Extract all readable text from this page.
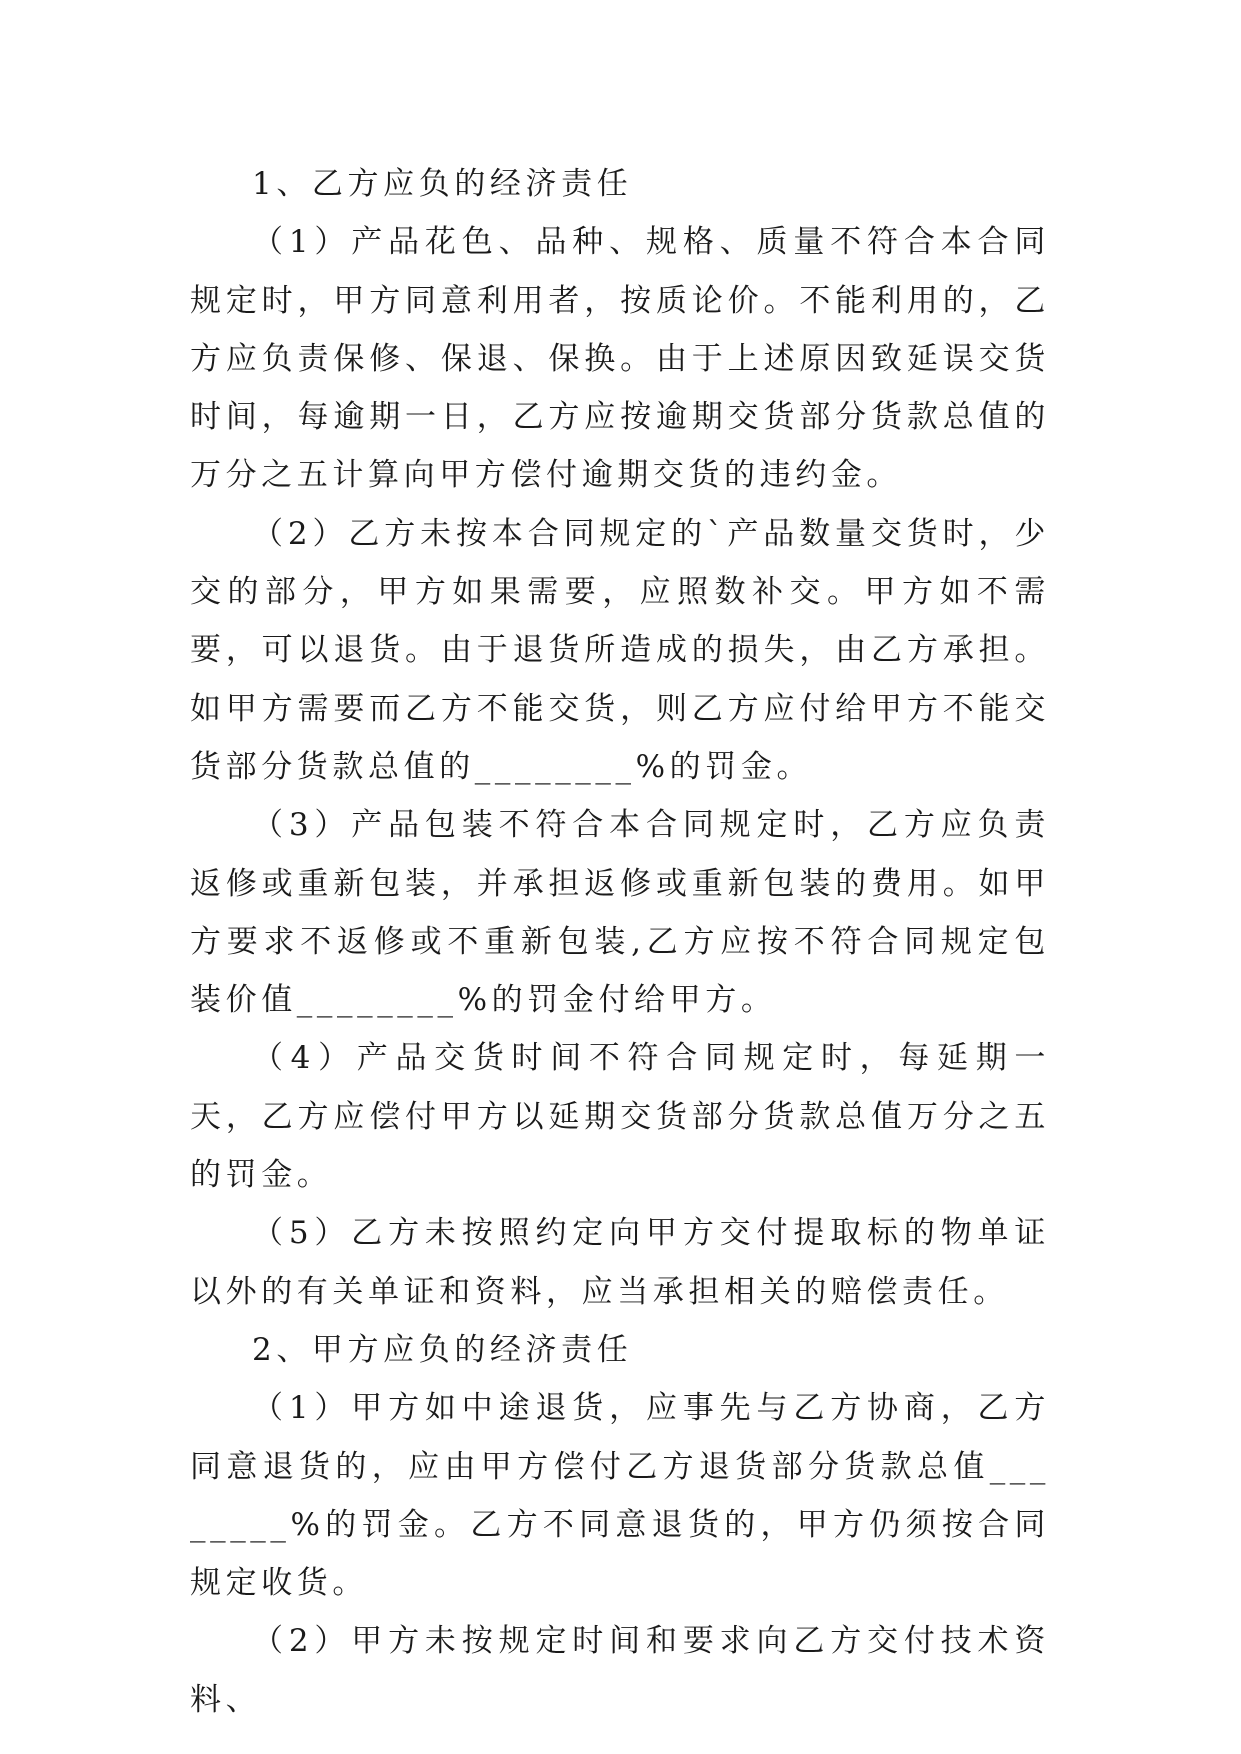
1、乙方应负的经济责任

（1）产品花色、品种、规格、质量不符合本合同规定时，甲方同意利用者，按质论价。不能利用的，乙方应负责保修、保退、保换。由于上述原因致延误交货时间，每逾期一日，乙方应按逾期交货部分货款总值的万分之五计算向甲方偿付逾期交货的违约金。

（2）乙方未按本合同规定的`产品数量交货时，少交的部分，甲方如果需要，应照数补交。甲方如不需要，可以退货。由于退货所造成的损失，由乙方承担。如甲方需要而乙方不能交货，则乙方应付给甲方不能交货部分货款总值的________%的罚金。

（3）产品包装不符合本合同规定时，乙方应负责返修或重新包装，并承担返修或重新包装的费用。如甲方要求不返修或不重新包装,乙方应按不符合同规定包装价值________%的罚金付给甲方。

（4）产品交货时间不符合同规定时，每延期一天，乙方应偿付甲方以延期交货部分货款总值万分之五的罚金。

（5）乙方未按照约定向甲方交付提取标的物单证以外的有关单证和资料，应当承担相关的赔偿责任。

2、甲方应负的经济责任

（1）甲方如中途退货，应事先与乙方协商，乙方同意退货的，应由甲方偿付乙方退货部分货款总值________%的罚金。乙方不同意退货的，甲方仍须按合同规定收货。

（2）甲方未按规定时间和要求向乙方交付技术资料、
